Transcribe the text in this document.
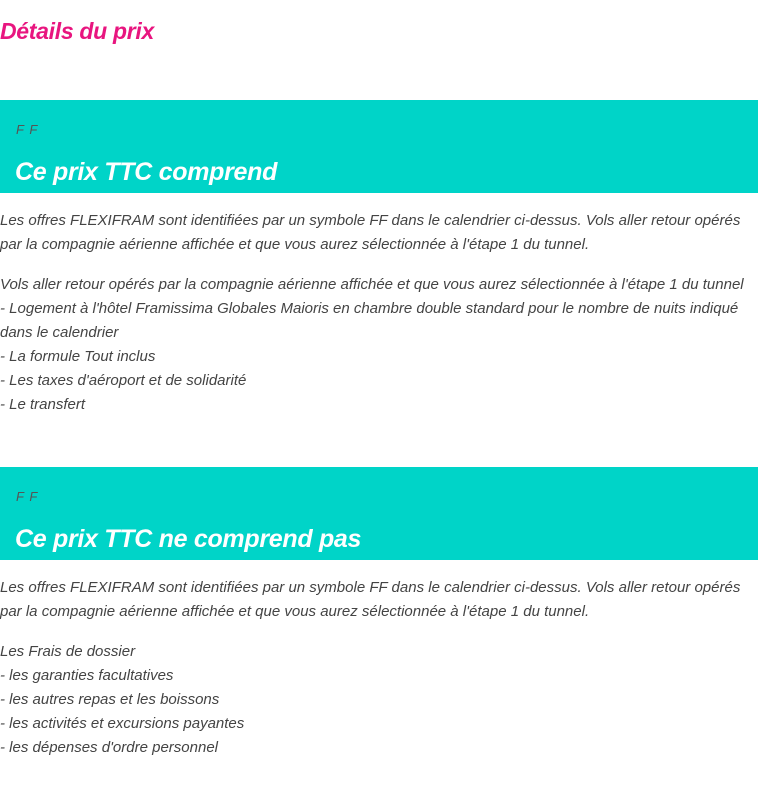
Détails du prix
F F
Ce prix TTC comprend

Les offres FLEXIFRAM sont identifiées par un symbole FF dans le calendrier ci-dessus. Vols aller retour opérés par la compagnie aérienne affichée et que vous aurez sélectionnée à l'étape 1 du tunnel.

Vols aller retour opérés par la compagnie aérienne affichée et que vous aurez sélectionnée à l'étape 1 du tunnel
- Logement à l'hôtel Framissima Globales Maioris en chambre double standard pour le nombre de nuits indiqué dans le calendrier
- La formule Tout inclus
- Les taxes d'aéroport et de solidarité
- Le transfert
F F
Ce prix TTC ne comprend pas

Les offres FLEXIFRAM sont identifiées par un symbole FF dans le calendrier ci-dessus. Vols aller retour opérés par la compagnie aérienne affichée et que vous aurez sélectionnée à l'étape 1 du tunnel.

Les Frais de dossier
- les garanties facultatives
- les autres repas et les boissons
- les activités et excursions payantes
- les dépenses d'ordre personnel
